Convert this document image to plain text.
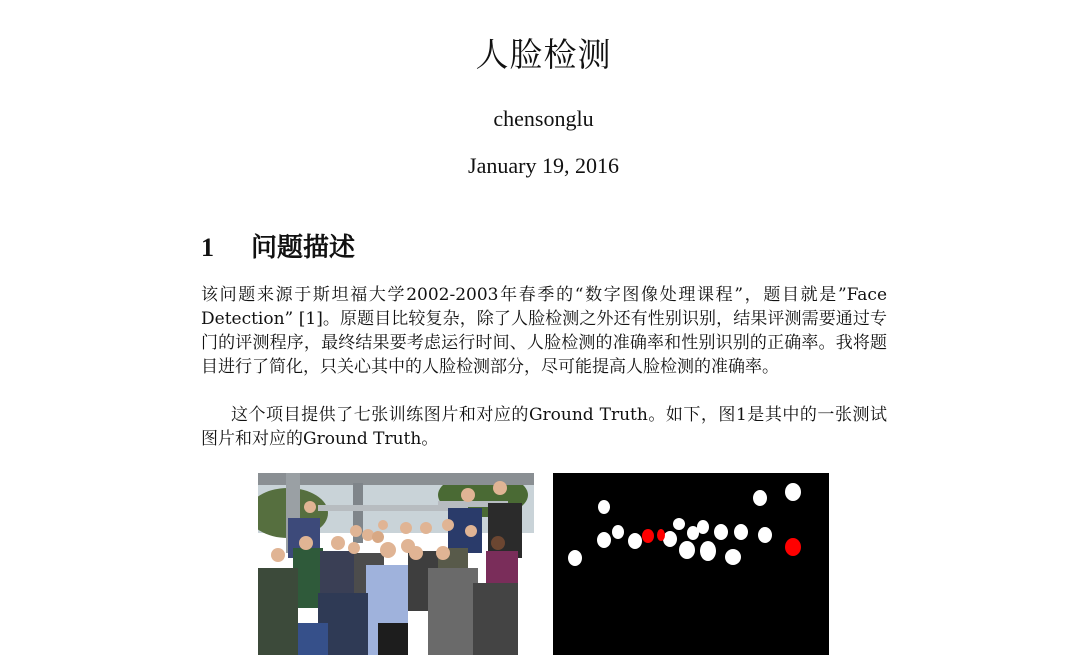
人脸检测
chensonglu
January 19, 2016
1 问题描述
该问题来源于斯坦福大学2002-2003年春季的“数字图像处理课程”，题目就是”Face Detection” [1]。原题目比较复杂，除了人脸检测之外还有性别识别，结果评测需要通过专门的评测程序，最终结果要考虑运行时间、人脸检测的准确率和性别识别的正确率。我将题目进行了简化，只关心其中的人脸检测部分，尽可能提高人脸检测的准确率。
这个项目提供了七张训练图片和对应的Ground Truth。如下，图1是其中的一张测试图片和对应的Ground Truth。
